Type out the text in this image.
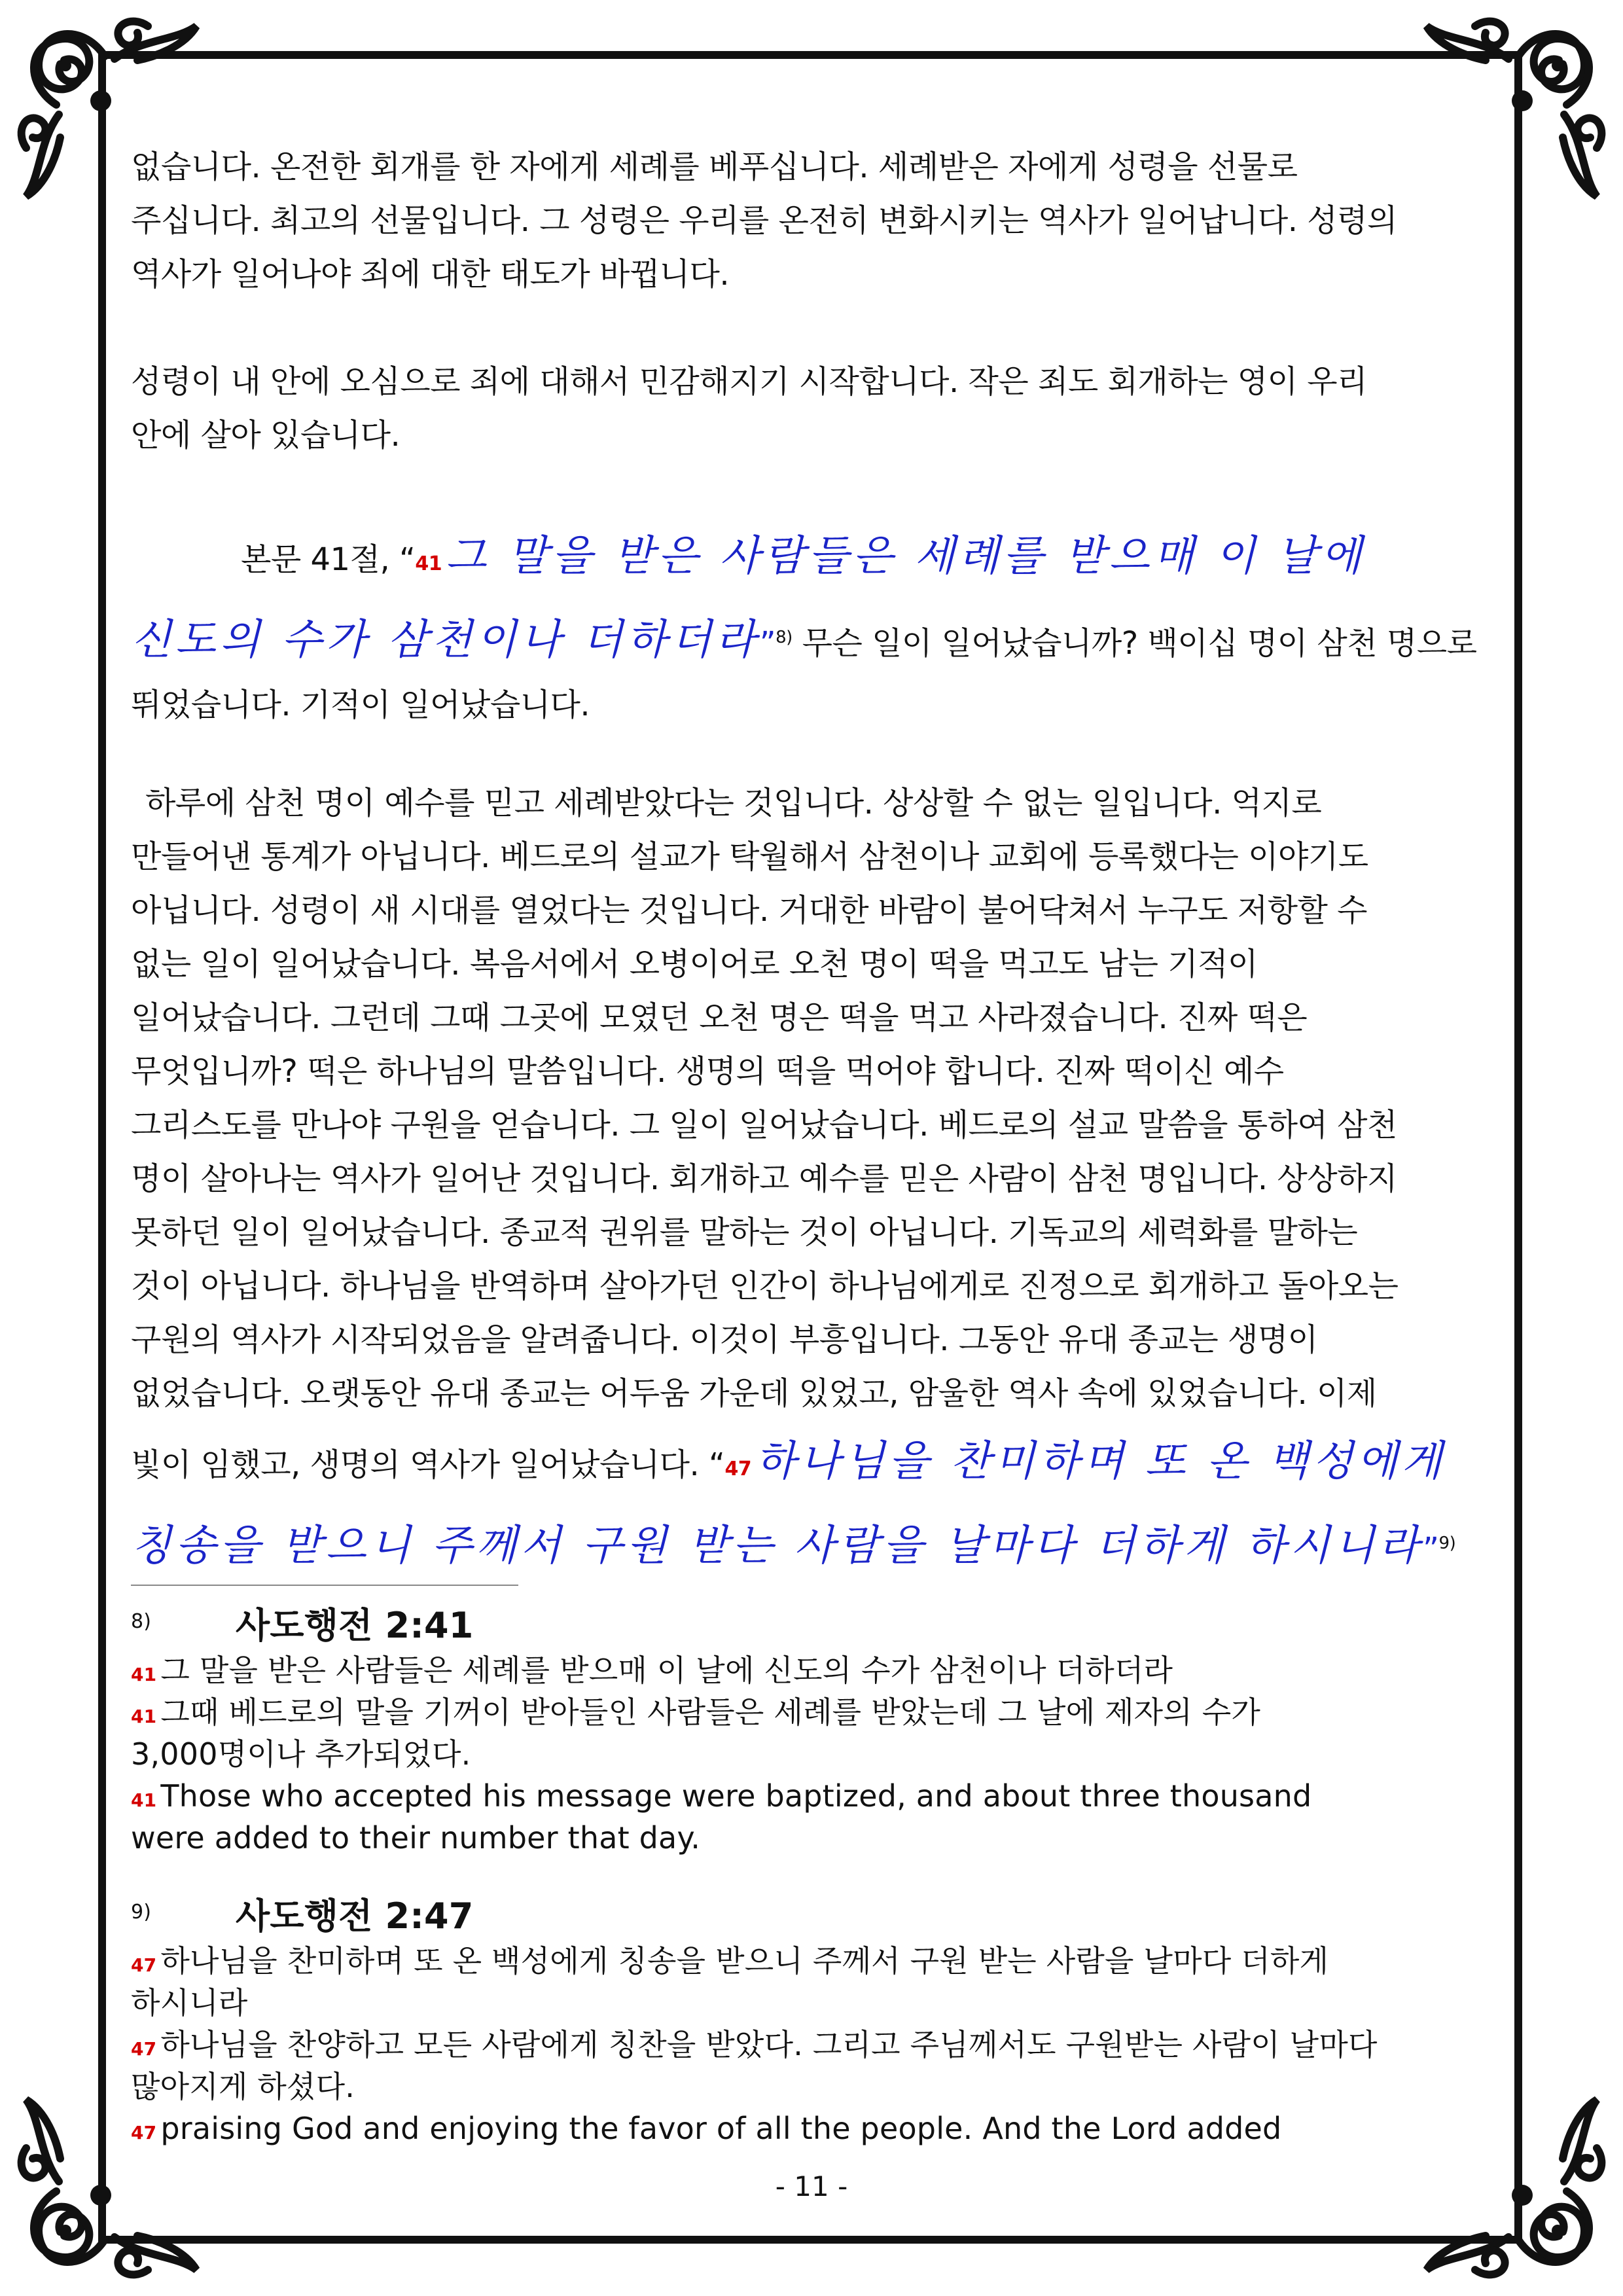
없습니다. 온전한 회개를 한 자에게 세례를 베푸십니다. 세례받은 자에게 성령을 선물로
주십니다. 최고의 선물입니다. 그 성령은 우리를 온전히 변화시키는 역사가 일어납니다. 성령의
역사가 일어나야 죄에 대한 태도가 바뀝니다.
성령이 내 안에 오심으로 죄에 대해서 민감해지기 시작합니다. 작은 죄도 회개하는 영이 우리
안에 살아 있습니다.
본문 41절, “41그 말을 받은 사람들은 세례를 받으매 이 날에
신도의 수가 삼천이나 더하더라”$^{8)}$ 무슨 일이 일어났습니까? 백이십 명이 삼천 명으로
뛰었습니다. 기적이 일어났습니다.
하루에 삼천 명이 예수를 믿고 세례받았다는 것입니다. 상상할 수 없는 일입니다. 억지로
만들어낸 통계가 아닙니다. 베드로의 설교가 탁월해서 삼천이나 교회에 등록했다는 이야기도
아닙니다. 성령이 새 시대를 열었다는 것입니다. 거대한 바람이 불어닥쳐서 누구도 저항할 수
없는 일이 일어났습니다. 복음서에서 오병이어로 오천 명이 떡을 먹고도 남는 기적이
일어났습니다. 그런데 그때 그곳에 모였던 오천 명은 떡을 먹고 사라졌습니다. 진짜 떡은
무엇입니까? 떡은 하나님의 말씀입니다. 생명의 떡을 먹어야 합니다. 진짜 떡이신 예수
그리스도를 만나야 구원을 얻습니다. 그 일이 일어났습니다. 베드로의 설교 말씀을 통하여 삼천
명이 살아나는 역사가 일어난 것입니다. 회개하고 예수를 믿은 사람이 삼천 명입니다. 상상하지
못하던 일이 일어났습니다. 종교적 권위를 말하는 것이 아닙니다. 기독교의 세력화를 말하는
것이 아닙니다. 하나님을 반역하며 살아가던 인간이 하나님에게로 진정으로 회개하고 돌아오는
구원의 역사가 시작되었음을 알려줍니다. 이것이 부흥입니다. 그동안 유대 종교는 생명이
없었습니다. 오랫동안 유대 종교는 어두움 가운데 있었고, 암울한 역사 속에 있었습니다. 이제
빛이 임했고, 생명의 역사가 일어났습니다. “47하나님을 찬미하며 또 온 백성에게
칭송을 받으니 주께서 구원 받는 사람을 날마다 더하게 하시니라”$^{9)}$
8) 사도행전 2:41
41 그 말을 받은 사람들은 세례를 받으매 이 날에 신도의 수가 삼천이나 더하더라
41 그때 베드로의 말을 기꺼이 받아들인 사람들은 세례를 받았는데 그 날에 제자의 수가
3,000명이나 추가되었다.
41 Those who accepted his message were baptized, and about three thousand
were added to their number that day.
9) 사도행전 2:47
47 하나님을 찬미하며 또 온 백성에게 칭송을 받으니 주께서 구원 받는 사람을 날마다 더하게
하시니라
47 하나님을 찬양하고 모든 사람에게 칭찬을 받았다. 그리고 주님께서도 구원받는 사람이 날마다
많아지게 하셨다.
47 praising God and enjoying the favor of all the people. And the Lord added
- 11 -
